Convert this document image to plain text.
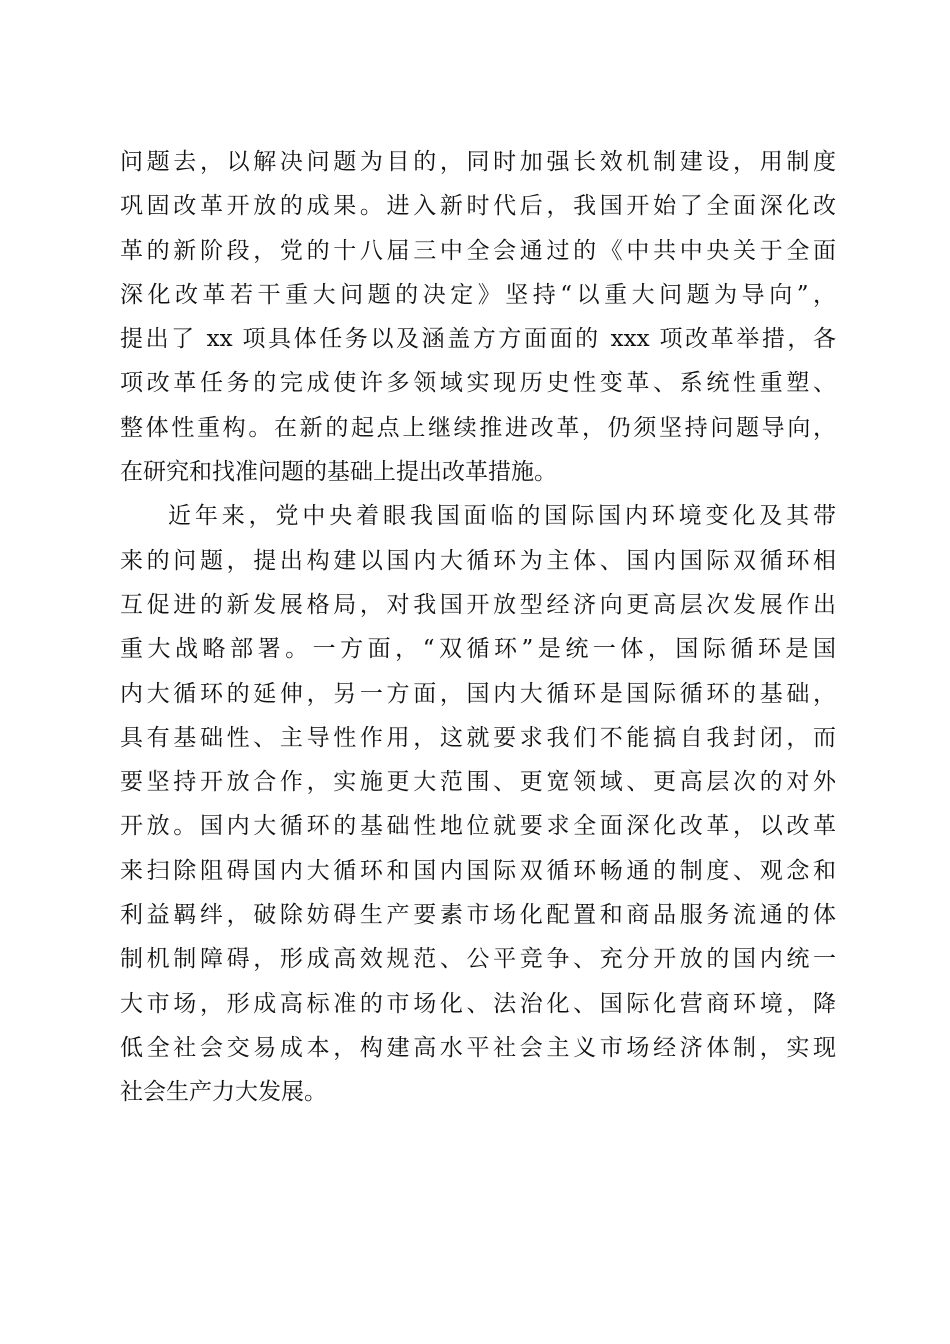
问题去，以解决问题为目的，同时加强长效机制建设，用制度
巩固改革开放的成果。进入新时代后，我国开始了全面深化改
革的新阶段，党的十八届三中全会通过的《中共中央关于全面
深化改革若干重大问题的决定》坚持“以重大问题为导向”，
提出了 xx 项具体任务以及涵盖方方面面的 xxx 项改革举措，各
项改革任务的完成使许多领域实现历史性变革、系统性重塑、
整体性重构。在新的起点上继续推进改革，仍须坚持问题导向，
在研究和找准问题的基础上提出改革措施。
近年来，党中央着眼我国面临的国际国内环境变化及其带
来的问题，提出构建以国内大循环为主体、国内国际双循环相
互促进的新发展格局，对我国开放型经济向更高层次发展作出
重大战略部署。一方面，“双循环”是统一体，国际循环是国
内大循环的延伸，另一方面，国内大循环是国际循环的基础，
具有基础性、主导性作用，这就要求我们不能搞自我封闭，而
要坚持开放合作，实施更大范围、更宽领域、更高层次的对外
开放。国内大循环的基础性地位就要求全面深化改革，以改革
来扫除阻碍国内大循环和国内国际双循环畅通的制度、观念和
利益羁绊，破除妨碍生产要素市场化配置和商品服务流通的体
制机制障碍，形成高效规范、公平竞争、充分开放的国内统一
大市场，形成高标准的市场化、法治化、国际化营商环境，降
低全社会交易成本，构建高水平社会主义市场经济体制，实现
社会生产力大发展。
